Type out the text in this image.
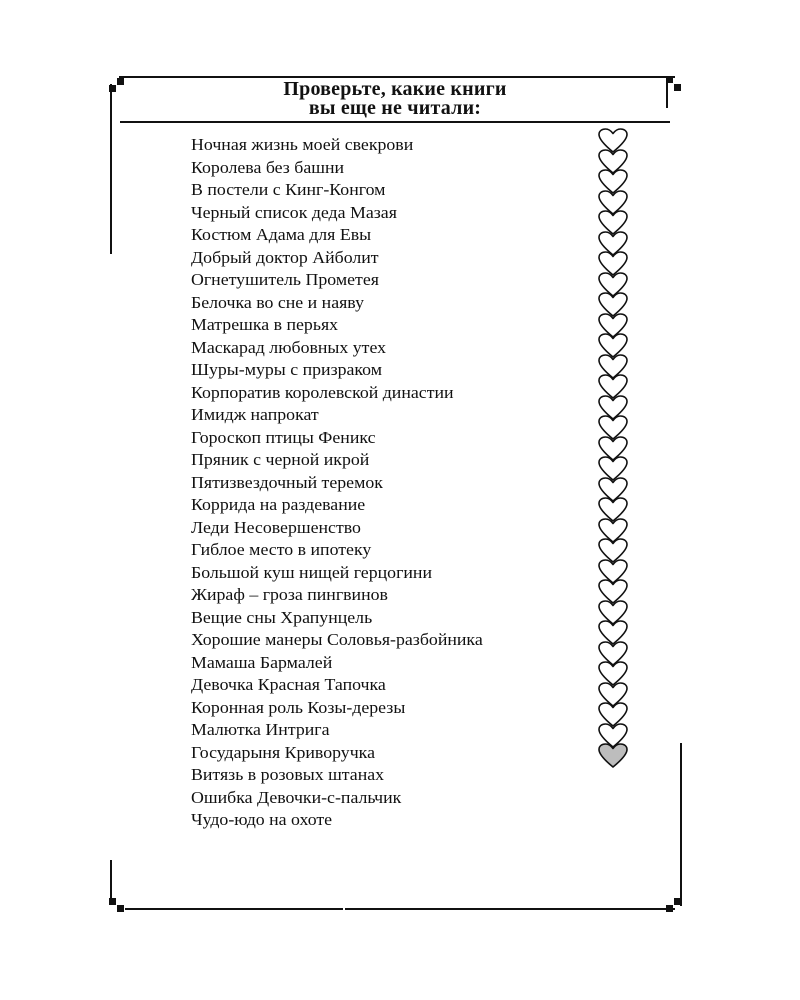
Проверьте, какие книги
вы еще не читали:
Ночная жизнь моей свекрови
Королева без башни
В постели с Кинг-Конгом
Черный список деда Мазая
Костюм Адама для Евы
Добрый доктор Айболит
Огнетушитель Прометея
Белочка во сне и наяву
Матрешка в перьях
Маскарад любовных утех
Шуры-муры с призраком
Корпоратив королевской династии
Имидж напрокат
Гороскоп птицы Феникс
Пряник с черной икрой
Пятизвездочный теремок
Коррида на раздевание
Леди Несовершенство
Гиблое место в ипотеку
Большой куш нищей герцогини
Жираф – гроза пингвинов
Вещие сны Храпунцель
Хорошие манеры Соловья-разбойника
Мамаша Бармалей
Девочка Красная Тапочка
Коронная роль Козы-дерезы
Малютка Интрига
Государыня Криворучка
Витязь в розовых штанах
Ошибка Девочки-с-пальчик
Чудо-юдо на охоте
